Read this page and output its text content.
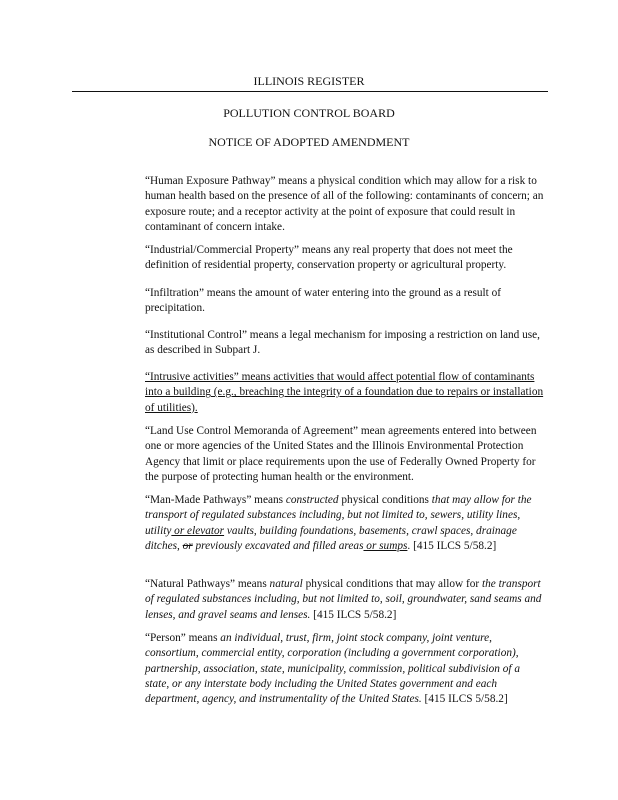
ILLINOIS REGISTER
POLLUTION CONTROL BOARD
NOTICE OF ADOPTED AMENDMENT

“Human Exposure Pathway” means a physical condition which may allow for a risk to human health based on the presence of all of the following: contaminants of concern; an exposure route; and a receptor activity at the point of exposure that could result in contaminant of concern intake.

“Industrial/Commercial Property” means any real property that does not meet the definition of residential property, conservation property or agricultural property.

“Infiltration” means the amount of water entering into the ground as a result of precipitation.

“Institutional Control” means a legal mechanism for imposing a restriction on land use, as described in Subpart J.

“Intrusive activities” means activities that would affect potential flow of contaminants into a building (e.g., breaching the integrity of a foundation due to repairs or installation of utilities).

“Land Use Control Memoranda of Agreement” mean agreements entered into between one or more agencies of the United States and the Illinois Environmental Protection Agency that limit or place requirements upon the use of Federally Owned Property for the purpose of protecting human health or the environment.

“Man-Made Pathways” means constructed physical conditions that may allow for the transport of regulated substances including, but not limited to, sewers, utility lines, utility or elevator vaults, building foundations, basements, crawl spaces, drainage ditches, or previously excavated and filled areas or sumps. [415 ILCS 5/58.2]

“Natural Pathways” means natural physical conditions that may allow for the transport of regulated substances including, but not limited to, soil, groundwater, sand seams and lenses, and gravel seams and lenses. [415 ILCS 5/58.2]

“Person” means an individual, trust, firm, joint stock company, joint venture, consortium, commercial entity, corporation (including a government corporation), partnership, association, state, municipality, commission, political subdivision of a state, or any interstate body including the United States government and each department, agency, and instrumentality of the United States. [415 ILCS 5/58.2]
